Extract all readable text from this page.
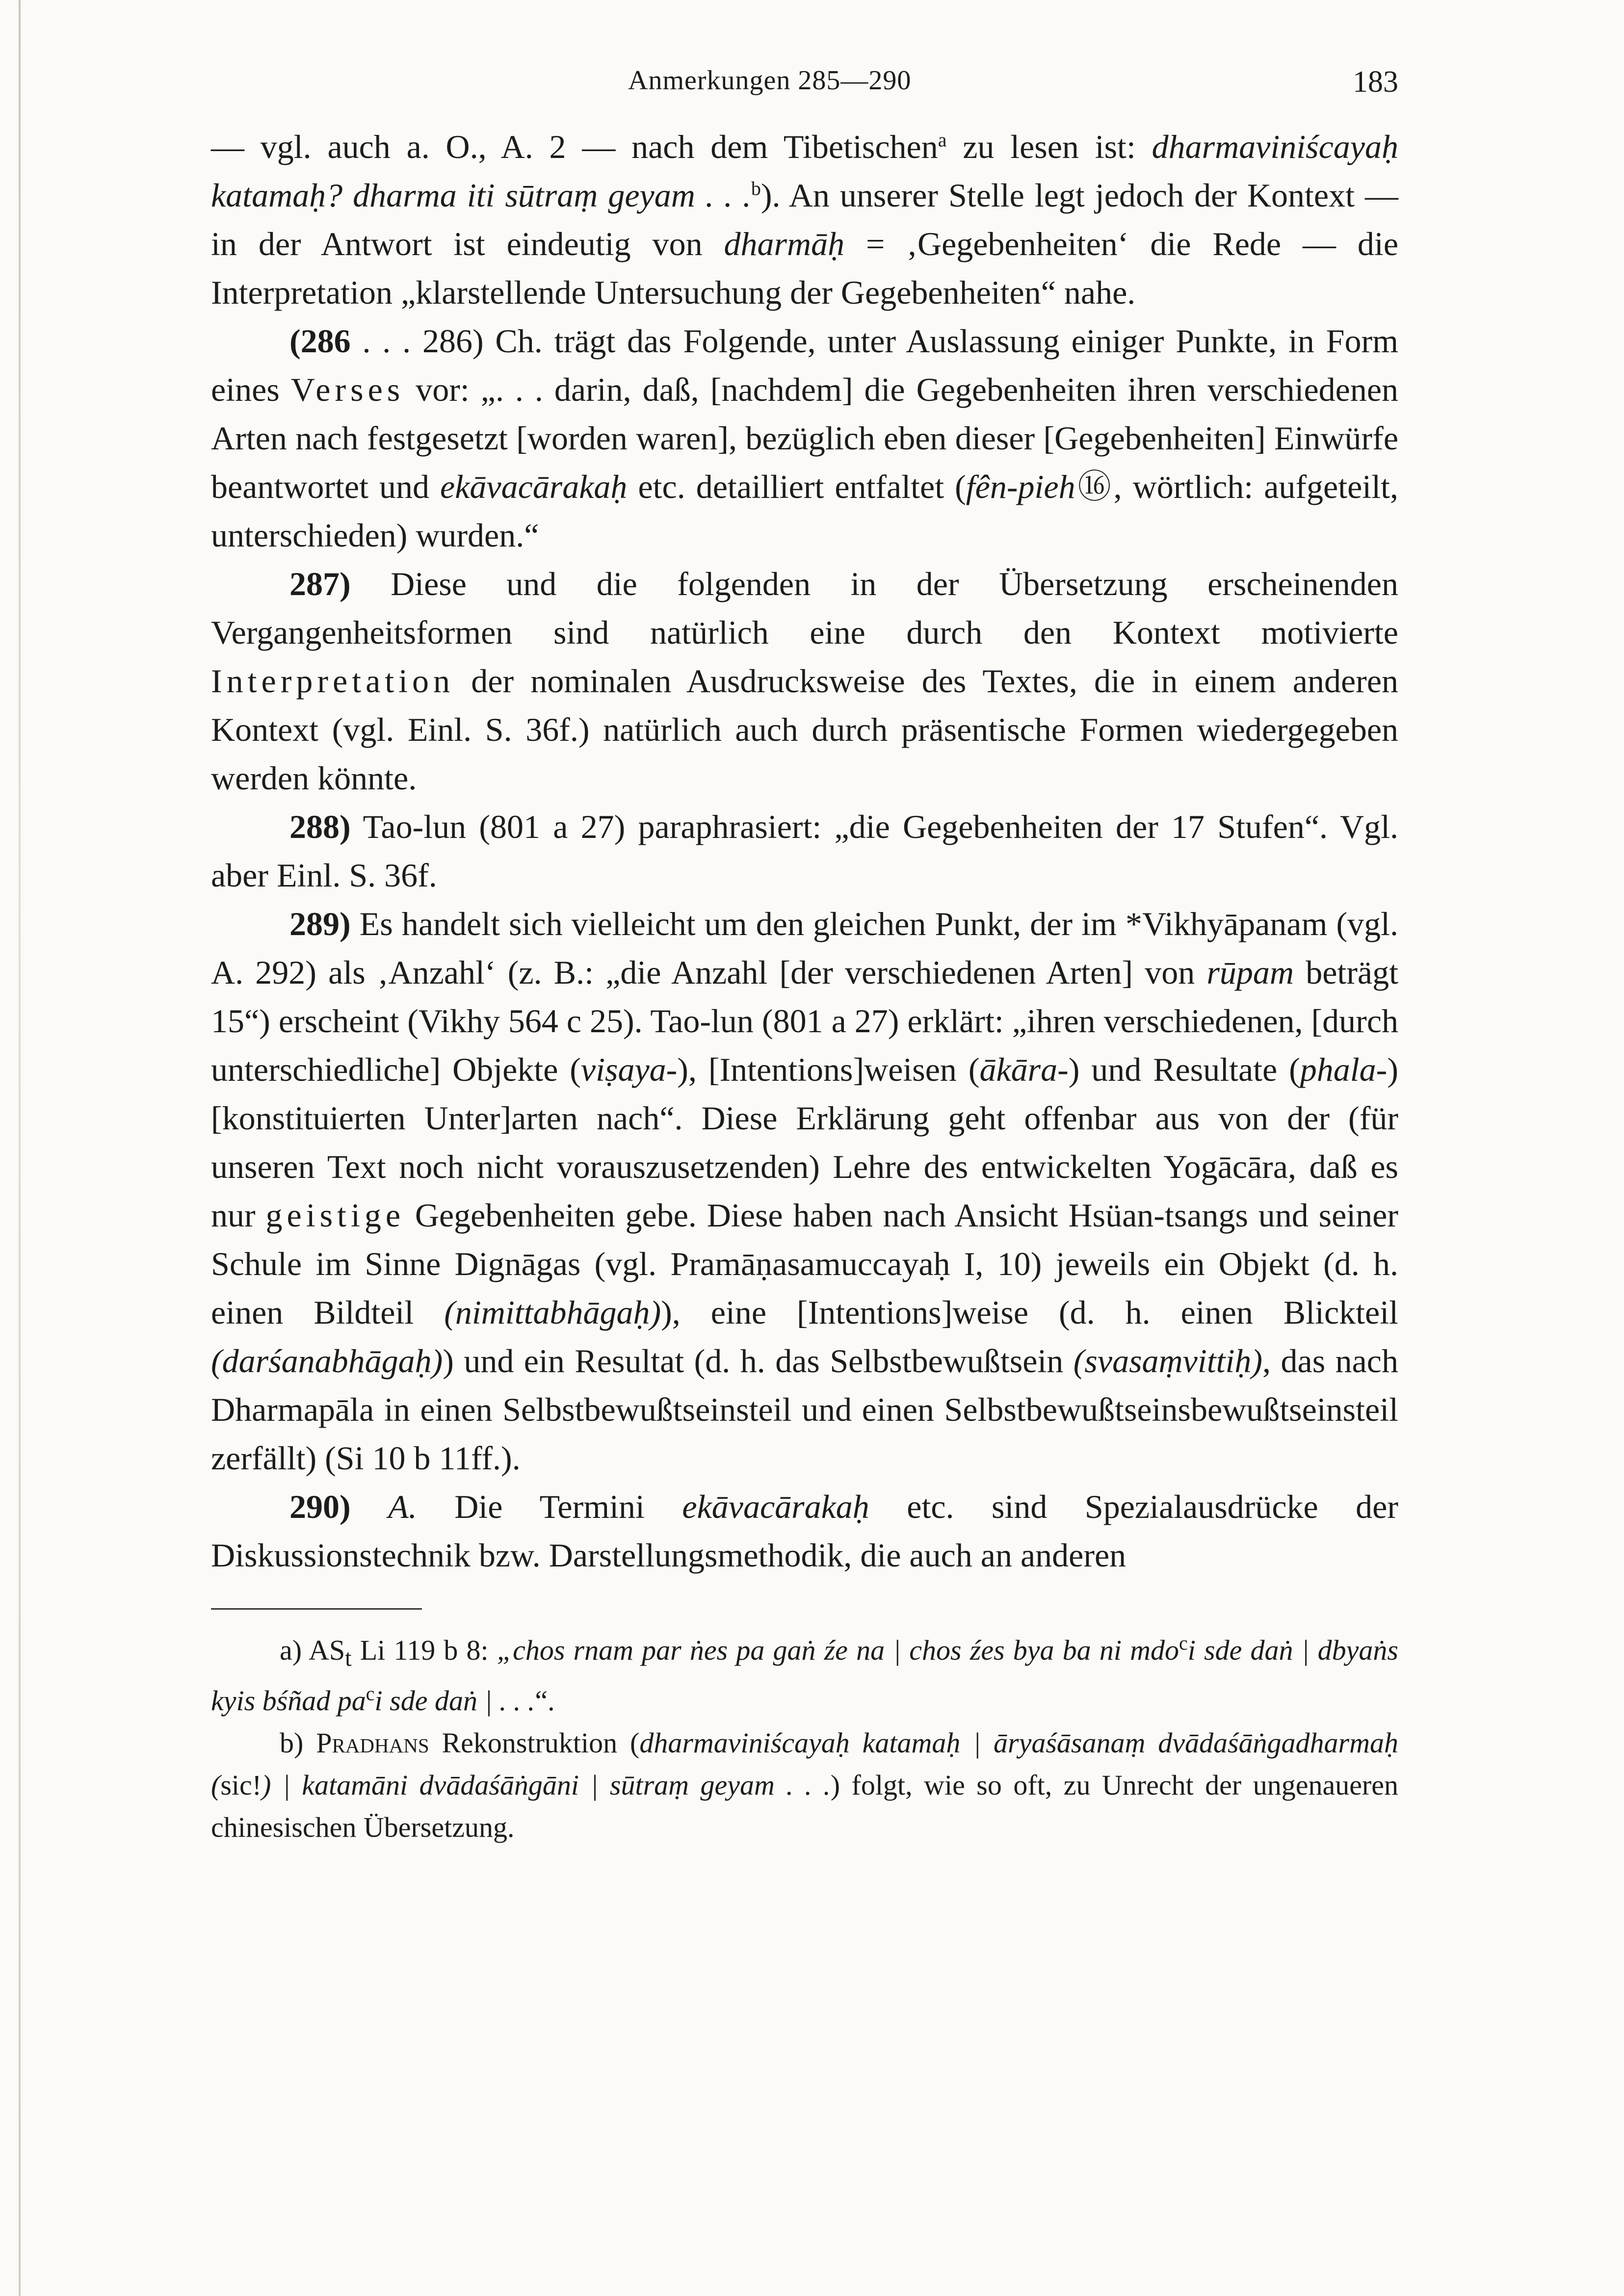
Anmerkungen 285—290	183

— vgl. auch a. O., A. 2 — nach dem Tibetischen$^a$ zu lesen ist: dharmaviniścayaḥ katamaḥ? dharma iti sūtraṃ geyam . . .$^b$). An unserer Stelle legt jedoch der Kontext — in der Antwort ist eindeutig von dharmāḥ = ‚Gegebenheiten‘ die Rede — die Interpretation „klarstellende Untersuchung der Gegebenheiten“ nahe.

(286 . . . 286) Ch. trägt das Folgende, unter Auslassung einiger Punkte, in Form eines Verses vor: „. . . darin, daß, [nachdem] die Gegebenheiten ihren verschiedenen Arten nach festgesetzt [worden waren], bezüglich eben dieser [Gegebenheiten] Einwürfe beantwortet und ekāvacārakaḥ etc. detailliert entfaltet (fên-pieh⑯, wörtlich: aufgeteilt, unterschieden) wurden.“

287) Diese und die folgenden in der Übersetzung erscheinenden Vergangenheitsformen sind natürlich eine durch den Kontext motivierte Interpretation der nominalen Ausdrucksweise des Textes, die in einem anderen Kontext (vgl. Einl. S. 36f.) natürlich auch durch präsentische Formen wiedergegeben werden könnte.

288) Tao-lun (801 a 27) paraphrasiert: „die Gegebenheiten der 17 Stufen“. Vgl. aber Einl. S. 36f.

289) Es handelt sich vielleicht um den gleichen Punkt, der im *Vikhyāpanam (vgl. A. 292) als ‚Anzahl‘ (z. B.: „die Anzahl [der verschiedenen Arten] von rūpam beträgt 15“) erscheint (Vikhy 564 c 25). Tao-lun (801 a 27) erklärt: „ihren verschiedenen, [durch unterschiedliche] Objekte (viṣaya-), [Intentions]weisen (ākāra-) und Resultate (phala-) [konstituierten Unter]arten nach“. Diese Erklärung geht offenbar aus von der (für unseren Text noch nicht vorauszusetzenden) Lehre des entwickelten Yogācāra, daß es nur geistige Gegebenheiten gebe. Diese haben nach Ansicht Hsüan-tsangs und seiner Schule im Sinne Dignāgas (vgl. Pramāṇasamuccayaḥ I, 10) jeweils ein Objekt (d. h. einen Bildteil (nimittabhāgaḥ)), eine [Intentions]weise (d. h. einen Blickteil (darśanabhāgaḥ)) und ein Resultat (d. h. das Selbstbewußtsein (svasaṃvittiḥ), das nach Dharmapāla in einen Selbstbewußtseinsteil und einen Selbstbewußtseinsbewußtseinsteil zerfällt) (Si 10 b 11ff.).

290) A. Die Termini ekāvacārakaḥ etc. sind Spezialausdrücke der Diskussionstechnik bzw. Darstellungsmethodik, die auch an anderen

a) $AS_t$ Li 119 b 8: „chos rnam par ṅes pa gaṅ źe na | chos źes bya ba ni mdo$^c$i sde daṅ | dbyaṅs kyis bśñad $pa^ci$ sde daṅ | . . .“.

b) Pradhans Rekonstruktion (dharmaviniścayaḥ katamaḥ | āryaśāsanaṃ dvādaśāṅgadharmaḥ (sic!) | katamāni dvādaśāṅgāni | sūtraṃ geyam . . .) folgt, wie so oft, zu Unrecht der ungenaueren chinesischen Übersetzung.
